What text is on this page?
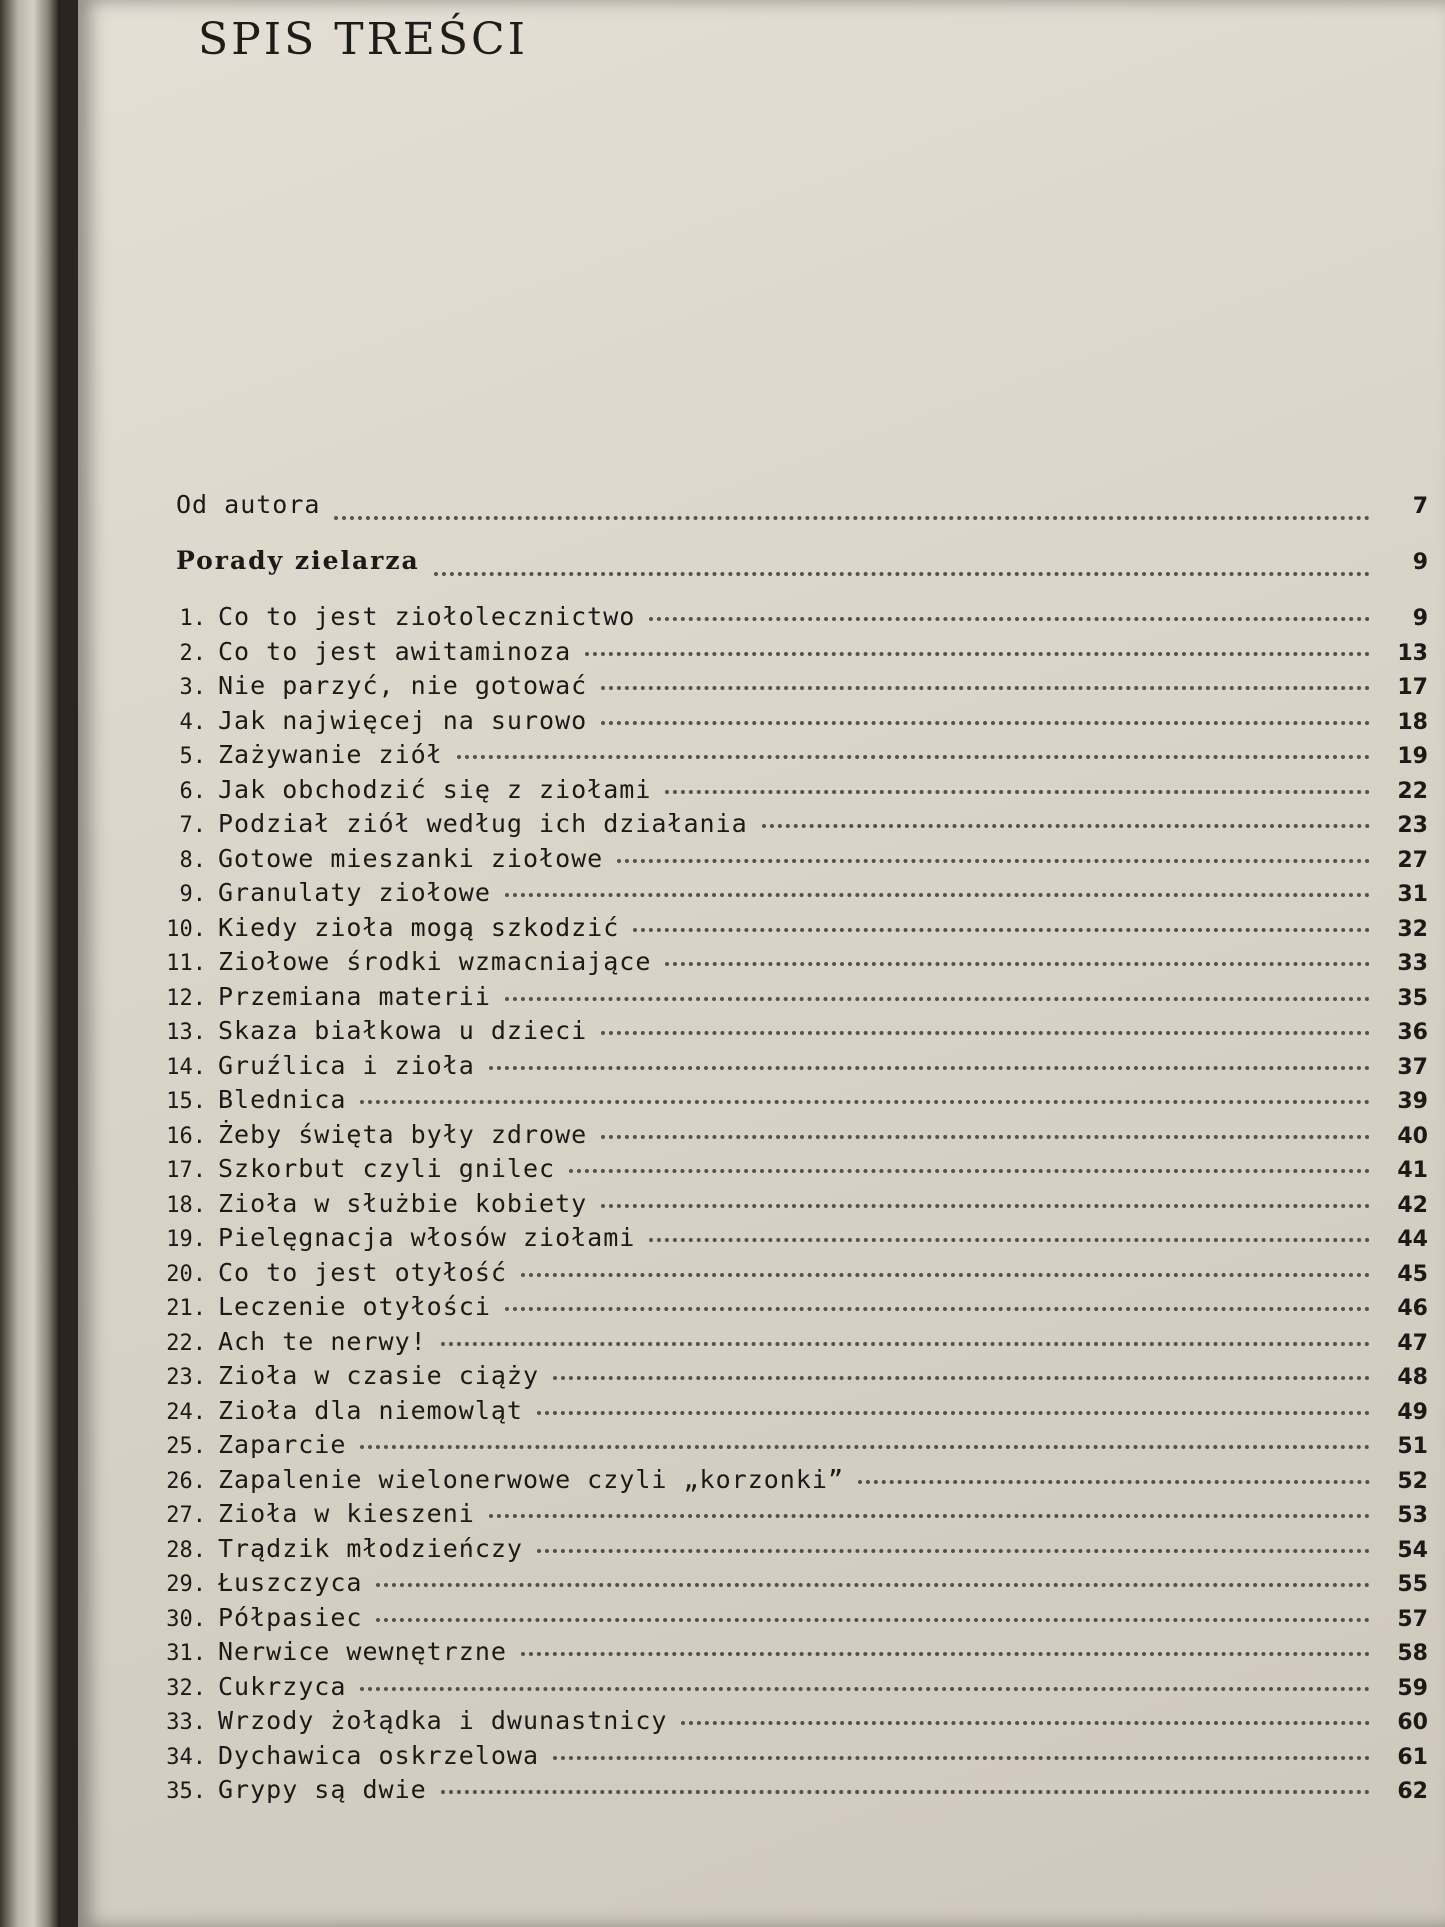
SPIS TREŚCI
Od autora	7
Porady zielarza	9
1. Co to jest ziołolecznictwo	9
2. Co to jest awitaminoza	13
3. Nie parzyć, nie gotować	17
4. Jak najwięcej na surowo	18
5. Zażywanie ziół	19
6. Jak obchodzić się z ziołami	22
7. Podział ziół według ich działania	23
8. Gotowe mieszanki ziołowe	27
9. Granulaty ziołowe	31
10. Kiedy zioła mogą szkodzić	32
11. Ziołowe środki wzmacniające	33
12. Przemiana materii	35
13. Skaza białkowa u dzieci	36
14. Gruźlica i zioła	37
15. Blednica	39
16. Żeby święta były zdrowe	40
17. Szkorbut czyli gnilec	41
18. Zioła w służbie kobiety	42
19. Pielęgnacja włosów ziołami	44
20. Co to jest otyłość	45
21. Leczenie otyłości	46
22. Ach te nerwy!	47
23. Zioła w czasie ciąży	48
24. Zioła dla niemowląt	49
25. Zaparcie	51
26. Zapalenie wielonerwowe czyli „korzonki”	52
27. Zioła w kieszeni	53
28. Trądzik młodzieńczy	54
29. Łuszczyca	55
30. Półpasiec	57
31. Nerwice wewnętrzne	58
32. Cukrzyca	59
33. Wrzody żołądka i dwunastnicy	60
34. Dychawica oskrzelowa	61
35. Grypy są dwie	62
